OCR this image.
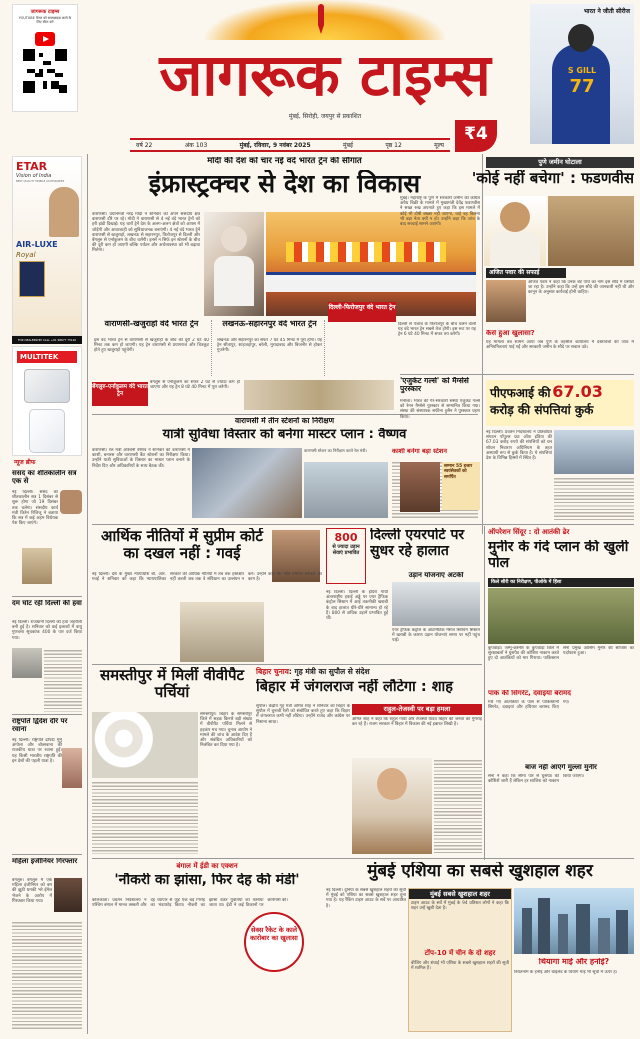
जागरूक टाइम्स
YOUTUBE चैनल को सब्सक्राइब करने के लिए स्कैन करें
जागरूक टाइम्स
मुंबई, सिरोही, जयपुर से प्रकाशित
भारत ने जीती सीरीज
S GILL
77
₹4
वर्ष 22	अंक 103	मुंबई, रविवार, 9 नवंबर 2025	मुंबई	पृष्ठ 12	मूल्य
ETAR
Vision of India
BEST QUALITY MOBILE ACCESSORIES
AIR-LUXE
Royal
FOR DEALERSHIP CALL +91 98677 75120
MULTITEK
न्यूज ब्रीफ
संसद का शीतकालीन सत्र एक से
नई दिल्ली। संसद का शीतकालीन सत्र 1 दिसंबर से शुरू होगा जो 19 दिसंबर तक चलेगा। संसदीय कार्य मंत्री किरेन रिजिजू ने बताया कि सत्र में कई अहम विधेयक पेश किए जाएंगे।
दम घोंट रही दिल्ली की हवा
नई दिल्ली। राजधानी दिल्ली की हवा जहरीली बनी हुई है। शनिवार को कई इलाकों में वायु गुणवत्ता सूचकांक 400 के पार दर्ज किया गया।
राष्ट्रपति द्विदेश दौरे पर रवाना
नई दिल्ली। राष्ट्रपति द्रौपदी मुर्मू अंगोला और बोत्सवाना की राजकीय यात्रा पर रवाना हुईं। यह किसी भारतीय राष्ट्रपति की इन देशों की पहली यात्रा है।
महिला इंजीनियर गिरफ्तार
बेंगलुरु। बेंगलुरु में एक महिला इंजीनियर को बम की झूठी धमकी भरे ईमेल भेजने के आरोप में गिरफ्तार किया गया।
मोदी की देश को चार नई वंदे भारत ट्रेन की सौगात
इंफ्रास्ट्रक्चर से देश का विकास
वाराणसी। प्रधानमंत्री नरेंद्र मोदी ने शनिवार को अपने संसदीय क्षेत्र वाराणसी दौरे पर रहे। मोदी ने वाराणसी से 4 नई वंदे भारत ट्रेनों को हरी झंडी दिखाई। यह चारों ट्रेनें देश के अलग-अलग क्षेत्रों को आपस में जोड़ेंगी और आवाजाही को सुविधाजनक बनाएंगी। 4 नई वंदे भारत ट्रेनें वाराणसी से खजुराहो, लखनऊ से सहारनपुर, फिरोजपुर से दिल्ली और बेंगलुरु से एर्नाकुलम के बीच चलेंगी। इनसे न सिर्फ इन स्टेशनों के बीच की दूरी कम हो जाएगी बल्कि पर्यटन और अर्थव्यवस्था को भी बढ़ावा मिलेगा।
वाराणसी-खजुराहो वंदे भारत ट्रेन
इस वंदे भारत ट्रेन से वाराणसी से खजुराहो के बीच की दूरी 2 घंटे 40 मिनट तक कम हो जाएगी। यह ट्रेन वाराणसी से प्रयागराज और चित्रकूट होते हुए खजुराहो पहुंचेगी।
लखनऊ-सहारनपुर वंदे भारत ट्रेन
लखनऊ और सहारनपुर का सफर 7 घंटे 45 मिनट में पूरा होगा। यह ट्रेन सीतापुर, शाहजहांपुर, बरेली, मुरादाबाद और बिजनौर से होकर गुजरेगी।
दिल्ली-फिरोजपुर वंदे भारत ट्रेन
दिल्ली से पंजाब के फिरोजपुर के बीच चलने वाली यह वंदे भारत ट्रेन सबसे तेज होगी। इस रूट पर यह ट्रेन 6 घंटे 40 मिनट में सफर तय करेगी।
बेंगलुरु-एर्नाकुलम वंदे भारत ट्रेन
बेंगलुरु से एर्नाकुलम का सफर 2 घंटे से ज्यादा कम हो जाएगा और यह ट्रेन 8 घंटे 40 मिनट में पूरा करेगी।
वाराणसी में तीन स्टेशनों का निरीक्षण
यात्री सुविधा विस्तार को बनेगा मास्टर प्लान : वैष्णव
वाराणसी। रेल मंत्री अश्विनी वैष्णव ने शनिवार को वाराणसी में काशी, बनारस और वाराणसी कैंट स्टेशनों का निरीक्षण किया। उन्होंने यात्री सुविधाओं के विस्तार का मास्टर प्लान बनाने के निर्देश दिए और अधिकारियों के साथ बैठक की।
वाराणसी स्टेशन का निरीक्षण करते रेल मंत्री।	काशी बनेगा बड़ा स्टेशन
पुणे जमीन घोटाला
'कोई नहीं बचेगा' : फडणवीस
मुंबई। महाराष्ट्र के पुणे में सरकारी जमीन की कथित अवैध बिक्री के मामले में मुख्यमंत्री देवेंद्र फडणवीस ने सख्त रुख अपनाते हुए कहा कि इस मामले में कोई भी दोषी बख्शा नहीं जाएगा, चाहे वह कितना भी बड़ा नेता क्यों न हो। उन्होंने कहा कि जांच के बाद सच्चाई सामने आएगी।
अजित पवार की सफाई
अजित पवार ने कहा कि उनके बेटे पार्थ का नाम इस सौदे में घसीटा जा रहा है। उन्होंने कहा कि उन्हें इस सौदे की जानकारी नहीं थी और कानून के अनुसार कार्रवाई होनी चाहिए।
कैसे हुआ खुलासा?
यह मामला तब सामने आया जब पुणे के तहसील कार्यालय में दस्तावेजों की जांच में अनियमितताएं पाई गईं और सरकारी जमीन के सौदे पर सवाल उठे।
'एजुकेट गर्ल्स' को मैग्सेसे पुरस्कार
मनीला। भारत की गैर-सरकारी संस्था एजुकेट गर्ल्स को रेमन मैग्सेसे पुरस्कार से सम्मानित किया गया। संस्था की संस्थापक सफीना हुसैन ने पुरस्कार ग्रहण किया।
सम्मान 55 हजार स्वयंसेवकों को समर्पित
पीएफआई की 67.03
करोड़ की संपत्तियां कुर्क
नई दिल्ली। प्रवर्तन निदेशालय ने प्रतिबंधित संगठन पॉपुलर फ्रंट ऑफ इंडिया की 67.03 करोड़ रुपये की संपत्तियों को धन शोधन निवारण अधिनियम के तहत अस्थायी रूप से कुर्क किया है। ये संपत्तियां देश के विभिन्न हिस्सों में स्थित हैं।
आर्थिक नीतियों में सुप्रीम कोर्ट का दखल नहीं : गवई
नई दिल्ली। देश के मुख्य न्यायाधीश बी. आर. गवई ने शनिवार को कहा कि न्यायपालिका सरकार की आर्थिक नीतियों में तब तक हस्तक्षेप नहीं करती जब तक वे संविधान का उल्लंघन न करें। उन्होंने कहा कि नीति निर्माण सरकार का काम है।
800
से ज्यादा उड़ान सेवाएं प्रभावित
दिल्ली एयरपोर्ट पर सुधर रहे हालात
नई दिल्ली। दिल्ली के इंदिरा गांधी अंतरराष्ट्रीय हवाई अड्डे पर एयर ट्रैफिक कंट्रोल सिस्टम में आई तकनीकी खराबी के बाद हालात धीरे-धीरे सामान्य हो रहे हैं। 800 से अधिक उड़ानें प्रभावित हुई थीं।
उड़ान योजनाएं अटकीं
एयर ट्रैफिक कंट्रोल के ऑटोमैटिक मैसेज स्विचिंग सिस्टम में खराबी के कारण उड़ान योजनाएं समय पर नहीं पहुंच पाईं।
समस्तीपुर में मिलीं वीवीपैट पर्चियां
समस्तीपुर। बिहार के समस्तीपुर जिले में सड़क किनारे बड़ी संख्या में वीवीपैट पर्चियां मिलने से हड़कंप मच गया। चुनाव आयोग ने मामले की जांच के आदेश दिए हैं और संबंधित अधिकारियों को निलंबित कर दिया गया है।
बिहार चुनाव: गृह मंत्री का सुपौल से संदेश
बिहार में जंगलराज नहीं लौटेगा : शाह
सुपौल। केंद्रीय गृह मंत्री अमित शाह ने शनिवार को बिहार के सुपौल में चुनावी रैली को संबोधित करते हुए कहा कि बिहार में जंगलराज कभी नहीं लौटेगा। उन्होंने राजद और कांग्रेस पर निशाना साधा।
राहुल-तेजस्वी पर बड़ा हमला
अमित शाह ने कहा कि राहुल गांधी और तेजस्वी यादव बिहार की जनता को गुमराह कर रहे हैं। राजग सरकार ने बिहार में विकास की नई इबारत लिखी है।
ऑपरेशन सिंदूर : दो आतंकी ढेर
मुनीर के गंदे प्लान की खुली पोल
किले सीरी का निरीक्षण, पीओके में हिंसा
कुपवाड़ा। जम्मू-कश्मीर के कुपवाड़ा जिले में सुरक्षाबलों ने घुसपैठ की कोशिश नाकाम करते हुए दो आतंकियों को मार गिराया। पाकिस्तान सेना प्रमुख आसिम मुनीर की साजिश का पर्दाफाश हुआ।
पाक की सिंगरेट, दवाइयां बरामद
मारे गए आतंकियों के पास से पाकिस्तानी सिगरेट, दवाइयां और हथियार बरामद किए गए।
बाज नहीं आएंगे मुल्ला मुनीर
सेना ने कहा कि सीमा पार से घुसपैठ की कोशिशें जारी हैं लेकिन हर साजिश को नाकाम किया जाएगा।
बंगाल में ईडी का एक्शन
'नौकरी का झांसा, फिर देह की मंडी'
कोलकाता। प्रवर्तन निदेशालय ने पश्चिम बंगाल में मानव तस्करी और देह व्यापार से जुड़े एक बड़े गिरोह का भंडाफोड़ किया। नौकरी का झांसा देकर युवतियों को फंसाया जाता था। ईडी ने कई ठिकानों पर छापेमारी की।
सेक्स रैकेट के काले कारोबार का खुलासा
मुंबई एशिया का सबसे खुशहाल शहर
नई दिल्ली। दुनिया के सबसे खुशहाल शहरों की सूची में मुंबई को एशिया का सबसे खुशहाल शहर चुना गया है। यह रैंकिंग टाइम आउट के सर्वे पर आधारित है।
मुंबई सबसे खुशहाल शहर
टाइम आउट के सर्वे में मुंबई के 94 प्रतिशत लोगों ने कहा कि शहर उन्हें खुशी देता है।
टॉप-10 में चीन के दो शहर
बीजिंग और शंघाई भी एशिया के सबसे खुशहाल शहरों की सूची में शामिल हैं।
थियागा माई और हनोई?
वियतनाम के हनोई और थाईलैंड के चियांग माई भी सूची में ऊपर हैं।
